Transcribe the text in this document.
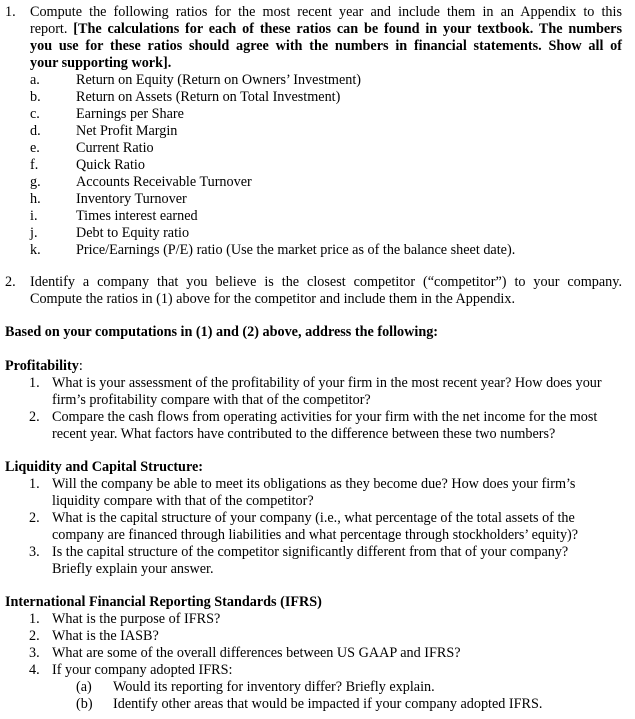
1. Compute the following ratios for the most recent year and include them in an Appendix to this
report. [The calculations for each of these ratios can be found in your textbook. The numbers
you use for these ratios should agree with the numbers in financial statements. Show all of
your supporting work].
a.	Return on Equity (Return on Owners’ Investment)
b. Return on Assets (Return on Total Investment)
c.	Earnings per Share
d. Net Profit Margin
e.	Current Ratio
f.	Quick Ratio
g. Accounts Receivable Turnover
h. Inventory Turnover
i.	Times interest earned
j.	Debt to Equity ratio
k. Price/Earnings (P/E) ratio (Use the market price as of the balance sheet date).
2. Identify a company that you believe is the closest competitor (“competitor”) to your company.
Compute the ratios in (1) above for the competitor and include them in the Appendix.
Based on your computations in (1) and (2) above, address the following:
Profitability:
1. What is your assessment of the profitability of your firm in the most recent year? How does your
firm’s profitability compare with that of the competitor?
2. Compare the cash flows from operating activities for your firm with the net income for the most
recent year. What factors have contributed to the difference between these two numbers?
Liquidity and Capital Structure:
1. Will the company be able to meet its obligations as they become due? How does your firm’s
liquidity compare with that of the competitor?
2. What is the capital structure of your company (i.e., what percentage of the total assets of the
company are financed through liabilities and what percentage through stockholders’ equity)?
3. Is the capital structure of the competitor significantly different from that of your company?
Briefly explain your answer.
International Financial Reporting Standards (IFRS)
1. What is the purpose of IFRS?
2. What is the IASB?
3. What are some of the overall differences between US GAAP and IFRS?
4. If your company adopted IFRS:
(a) Would its reporting for inventory differ? Briefly explain.
(b) Identify other areas that would be impacted if your company adopted IFRS.
